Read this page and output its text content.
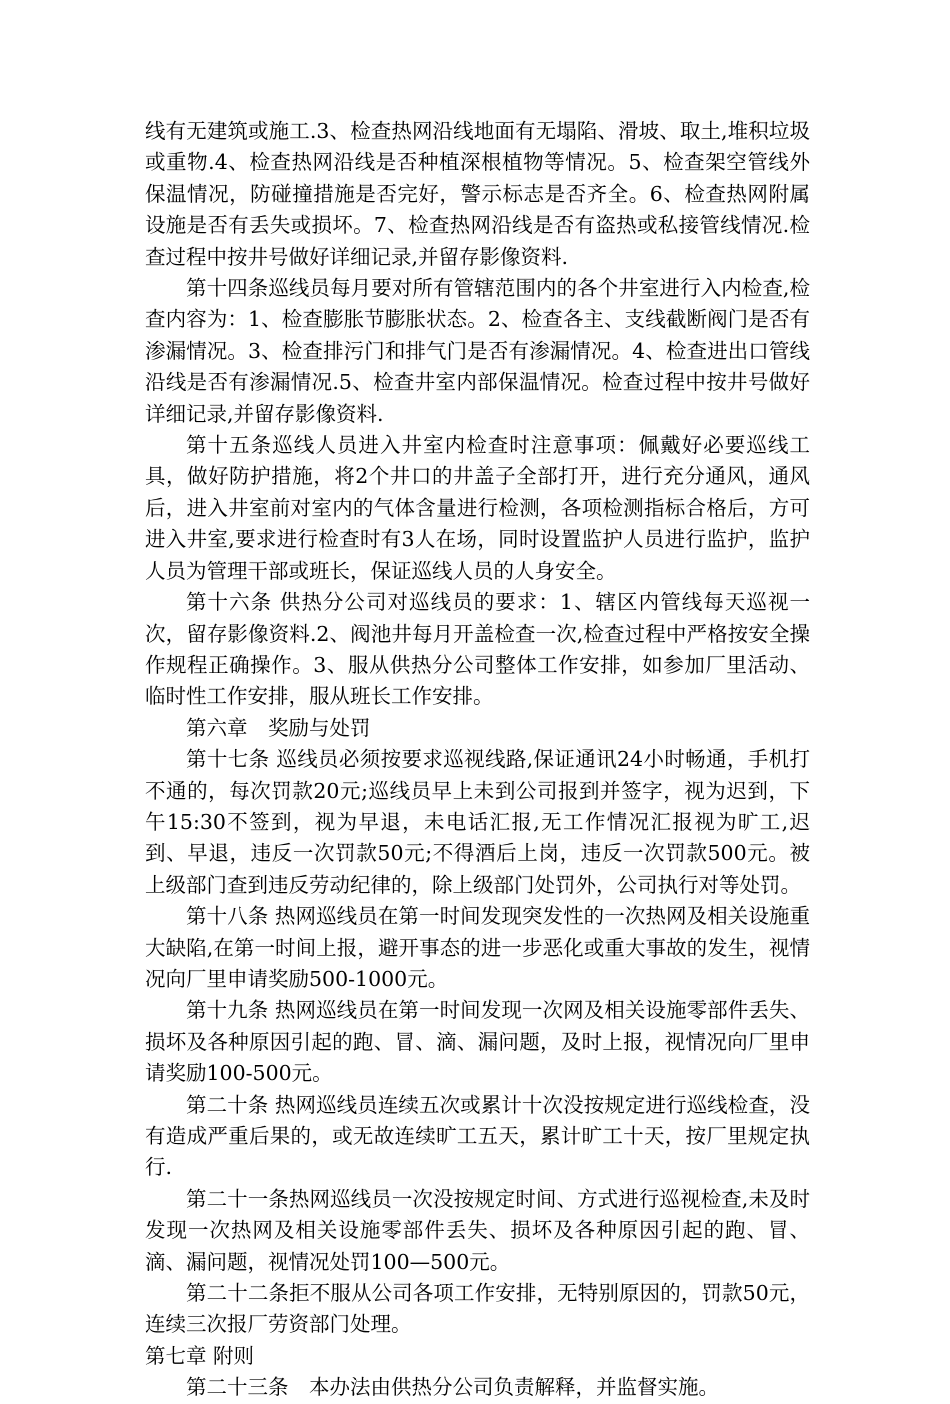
线有无建筑或施工.3、检查热网沿线地面有无塌陷、滑坡、取土,堆积垃圾或重物.4、检查热网沿线是否种植深根植物等情况。5、检查架空管线外保温情况，防碰撞措施是否完好，警示标志是否齐全。6、检查热网附属设施是否有丢失或损坏。7、检查热网沿线是否有盗热或私接管线情况.检查过程中按井号做好详细记录,并留存影像资料.

第十四条巡线员每月要对所有管辖范围内的各个井室进行入内检查,检查内容为：1、检查膨胀节膨胀状态。2、检查各主、支线截断阀门是否有渗漏情况。3、检查排污门和排气门是否有渗漏情况。4、检查进出口管线沿线是否有渗漏情况.5、检查井室内部保温情况。检查过程中按井号做好详细记录,并留存影像资料.

第十五条巡线人员进入井室内检查时注意事项：佩戴好必要巡线工具，做好防护措施，将2个井口的井盖子全部打开，进行充分通风，通风后，进入井室前对室内的气体含量进行检测，各项检测指标合格后，方可进入井室,要求进行检查时有3人在场，同时设置监护人员进行监护，监护人员为管理干部或班长，保证巡线人员的人身安全。

第十六条 供热分公司对巡线员的要求：1、辖区内管线每天巡视一次，留存影像资料.2、阀池井每月开盖检查一次,检查过程中严格按安全操作规程正确操作。3、服从供热分公司整体工作安排，如参加厂里活动、临时性工作安排，服从班长工作安排。

第六章　奖励与处罚

第十七条 巡线员必须按要求巡视线路,保证通讯24小时畅通，手机打不通的，每次罚款20元;巡线员早上未到公司报到并签字，视为迟到，下午15:30不签到，视为早退，未电话汇报,无工作情况汇报视为旷工,迟到、早退，违反一次罚款50元;不得酒后上岗，违反一次罚款500元。被上级部门查到违反劳动纪律的，除上级部门处罚外，公司执行对等处罚。

第十八条 热网巡线员在第一时间发现突发性的一次热网及相关设施重大缺陷,在第一时间上报，避开事态的进一步恶化或重大事故的发生，视情况向厂里申请奖励500-1000元。

第十九条 热网巡线员在第一时间发现一次网及相关设施零部件丢失、损坏及各种原因引起的跑、冒、滴、漏问题，及时上报，视情况向厂里申请奖励100-500元。

第二十条 热网巡线员连续五次或累计十次没按规定进行巡线检查，没有造成严重后果的，或无故连续旷工五天，累计旷工十天，按厂里规定执行.

第二十一条热网巡线员一次没按规定时间、方式进行巡视检查,未及时发现一次热网及相关设施零部件丢失、损坏及各种原因引起的跑、冒、滴、漏问题，视情况处罚100—500元。

第二十二条拒不服从公司各项工作安排，无特别原因的，罚款50元，连续三次报厂劳资部门处理。

第七章 附则

第二十三条　本办法由供热分公司负责解释，并监督实施。
